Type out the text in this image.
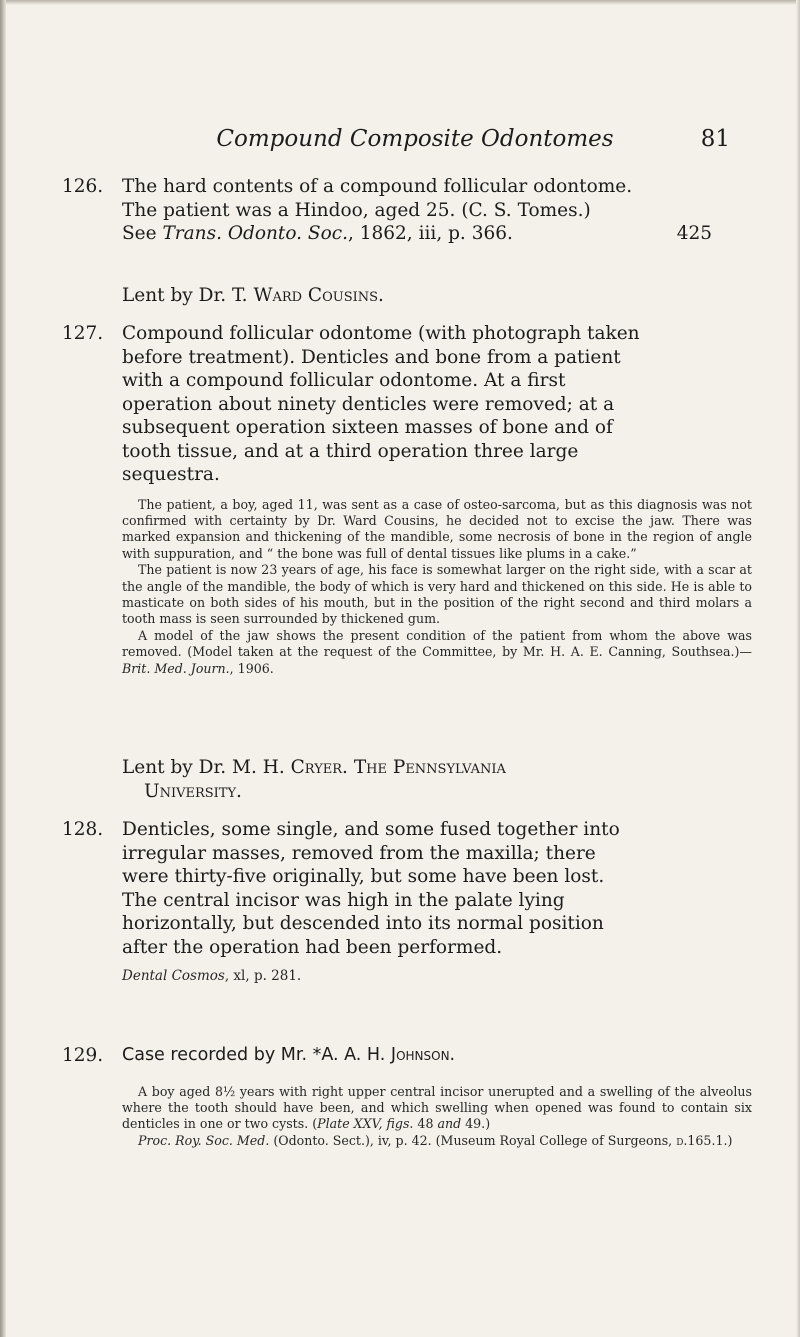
Compound Composite Odontomes	81
126. The hard contents of a compound follicular odontome.
The patient was a Hindoo, aged 25. (C. S. Tomes.)
See Trans. Odonto. Soc., 1862, iii, p. 366.	425
Lent by Dr. T. Ward Cousins.
127. Compound follicular odontome (with photograph taken
before treatment). Denticles and bone from a patient
with a compound follicular odontome. At a first
operation about ninety denticles were removed; at a
subsequent operation sixteen masses of bone and of
tooth tissue, and at a third operation three large
sequestra.

The patient, a boy, aged 11, was sent as a case of osteo-sarcoma, but as this diagnosis was not confirmed with certainty by Dr. Ward Cousins, he decided not to excise the jaw. There was marked expansion and thickening of the mandible, some necrosis of bone in the region of angle with suppuration, and “ the bone was full of dental tissues like plums in a cake.”

The patient is now 23 years of age, his face is somewhat larger on the right side, with a scar at the angle of the mandible, the body of which is very hard and thickened on this side. He is able to masticate on both sides of his mouth, but in the position of the right second and third molars a tooth mass is seen surrounded by thickened gum.

A model of the jaw shows the present condition of the patient from whom the above was removed. (Model taken at the request of the Committee, by Mr. H. A. E. Canning, Southsea.)—Brit. Med. Journ., 1906.

Lent by Dr. M. H. Cryer. The Pennsylvania
University.
128. Denticles, some single, and some fused together into
irregular masses, removed from the maxilla; there
were thirty-five originally, but some have been lost.
The central incisor was high in the palate lying
horizontally, but descended into its normal position
after the operation had been performed.
Dental Cosmos, xl, p. 281.
129. Case recorded by Mr. *A. A. H. Johnson.

A boy aged 8½ years with right upper central incisor unerupted and a swelling of the alveolus where the tooth should have been, and which swelling when opened was found to contain six denticles in one or two cysts. (Plate XXV, figs. 48 and 49.)

Proc. Roy. Soc. Med. (Odonto. Sect.), iv, p. 42. (Museum Royal College of Surgeons, d.165.1.)
